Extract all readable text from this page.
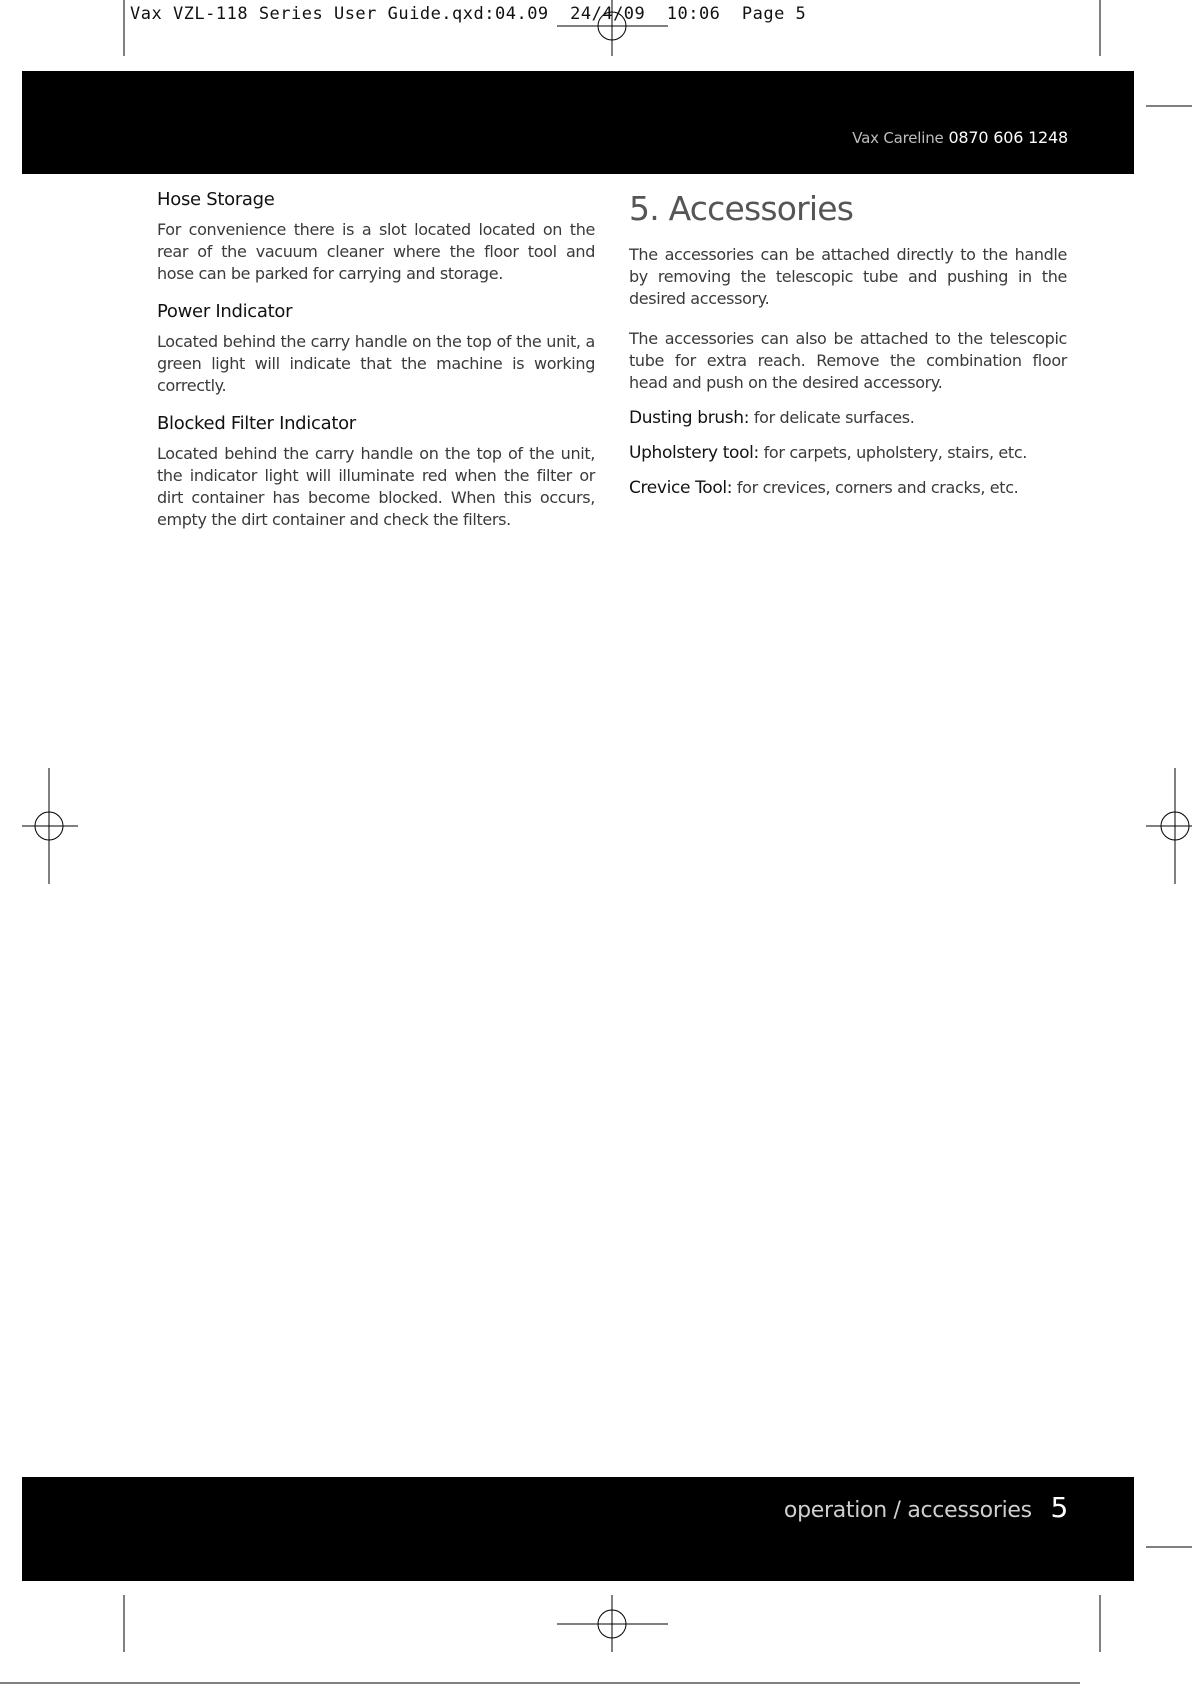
Vax VZL-118 Series User Guide.qxd:04.09  24/4/09  10:06  Page 5
Vax Careline 0870 606 1248
Hose Storage

For convenience there is a slot located located on the rear of the vacuum cleaner where the floor tool and hose can be parked for carrying and storage.

Power Indicator

Located behind the carry handle on the top of the unit, a green light will indicate that the machine is working correctly.

Blocked Filter Indicator

Located behind the carry handle on the top of the unit, the indicator light will illuminate red when the filter or dirt container has become blocked. When this occurs, empty the dirt container and check the filters.

5. Accessories

The accessories can be attached directly to the handle by removing the telescopic tube and pushing in the desired accessory.

The accessories can also be attached to the telescopic tube for extra reach. Remove the combination floor head and push on the desired accessory.

Dusting brush: for delicate surfaces.

Upholstery tool: for carpets, upholstery, stairs, etc.

Crevice Tool: for crevices, corners and cracks, etc.

operation / accessories 5
